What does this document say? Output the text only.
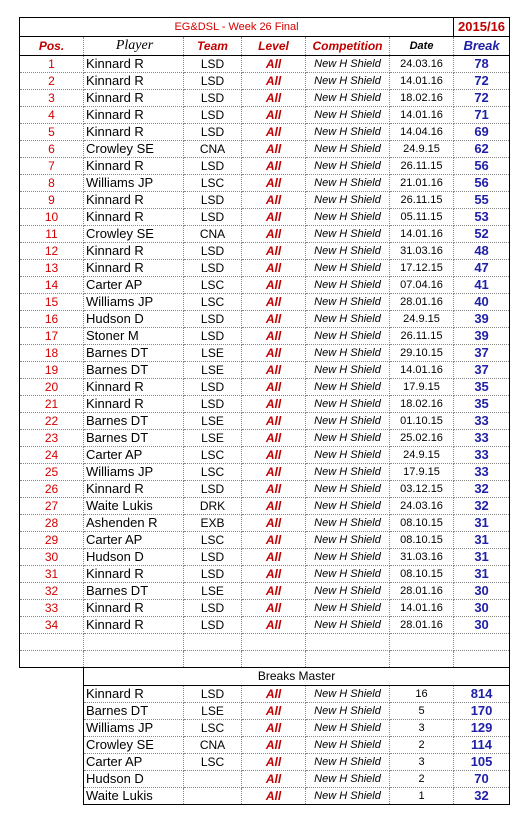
EG&DSL - Week 26 Final						2015/16
Pos.	Player	Team	Level	Competition	Date	Break
1	Kinnard R	LSD	All	New H Shield	24.03.16	78
2	Kinnard R	LSD	All	New H Shield	14.01.16	72
3	Kinnard R	LSD	All	New H Shield	18.02.16	72
4	Kinnard R	LSD	All	New H Shield	14.01.16	71
5	Kinnard R	LSD	All	New H Shield	14.04.16	69
6	Crowley SE	CNA	All	New H Shield	24.9.15	62
7	Kinnard R	LSD	All	New H Shield	26.11.15	56
8	Williams JP	LSC	All	New H Shield	21.01.16	56
9	Kinnard R	LSD	All	New H Shield	26.11.15	55
10	Kinnard R	LSD	All	New H Shield	05.11.15	53
11	Crowley SE	CNA	All	New H Shield	14.01.16	52
12	Kinnard R	LSD	All	New H Shield	31.03.16	48
13	Kinnard R	LSD	All	New H Shield	17.12.15	47
14	Carter AP	LSC	All	New H Shield	07.04.16	41
15	Williams JP	LSC	All	New H Shield	28.01.16	40
16	Hudson D	LSD	All	New H Shield	24.9.15	39
17	Stoner M	LSD	All	New H Shield	26.11.15	39
18	Barnes DT	LSE	All	New H Shield	29.10.15	37
19	Barnes DT	LSE	All	New H Shield	14.01.16	37
20	Kinnard R	LSD	All	New H Shield	17.9.15	35
21	Kinnard R	LSD	All	New H Shield	18.02.16	35
22	Barnes DT	LSE	All	New H Shield	01.10.15	33
23	Barnes DT	LSE	All	New H Shield	25.02.16	33
24	Carter AP	LSC	All	New H Shield	24.9.15	33
25	Williams JP	LSC	All	New H Shield	17.9.15	33
26	Kinnard R	LSD	All	New H Shield	03.12.15	32
27	Waite Lukis	DRK	All	New H Shield	24.03.16	32
28	Ashenden R	EXB	All	New H Shield	08.10.15	31
29	Carter AP	LSC	All	New H Shield	08.10.15	31
30	Hudson D	LSD	All	New H Shield	31.03.16	31
31	Kinnard R	LSD	All	New H Shield	08.10.15	31
32	Barnes DT	LSE	All	New H Shield	28.01.16	30
33	Kinnard R	LSD	All	New H Shield	14.01.16	30
34	Kinnard R	LSD	All	New H Shield	28.01.16	30

Breaks Master					
Kinnard R	LSD	All	New H Shield	16	814
Barnes DT	LSE	All	New H Shield	5	170
Williams JP	LSC	All	New H Shield	3	129
Crowley SE	CNA	All	New H Shield	2	114
Carter AP	LSC	All	New H Shield	3	105
Hudson D		All	New H Shield	2	70
Waite Lukis		All	New H Shield	1	32
